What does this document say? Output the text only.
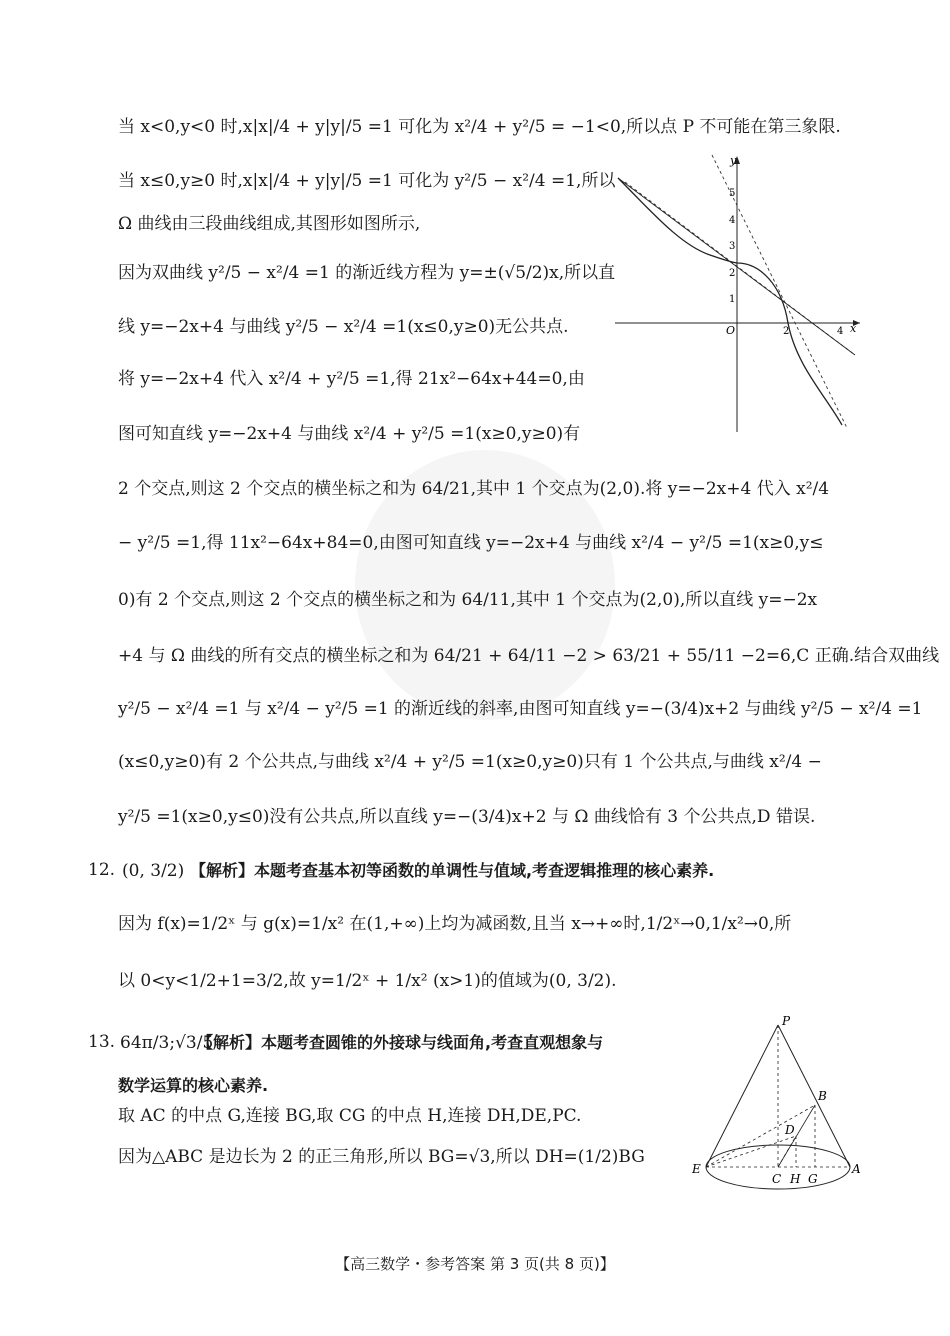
当 x<0,y<0 时,x|x|/4 + y|y|/5 =1 可化为 x²/4 + y²/5 = −1<0,所以点 P 不可能在第三象限.
当 x≤0,y≥0 时,x|x|/4 + y|y|/5 =1 可化为 y²/5 − x²/4 =1,所以
Ω 曲线由三段曲线组成,其图形如图所示,
因为双曲线 y²/5 − x²/4 =1 的渐近线方程为 y=±(√5/2)x,所以直
线 y=−2x+4 与曲线 y²/5 − x²/4 =1(x≤0,y≥0)无公共点.
将 y=−2x+4 代入 x²/4 + y²/5 =1,得 21x²−64x+44=0,由
图可知直线 y=−2x+4 与曲线 x²/4 + y²/5 =1(x≥0,y≥0)有
2 个交点,则这 2 个交点的横坐标之和为 64/21,其中 1 个交点为(2,0).将 y=−2x+4 代入 x²/4
− y²/5 =1,得 11x²−64x+84=0,由图可知直线 y=−2x+4 与曲线 x²/4 − y²/5 =1(x≥0,y≤
0)有 2 个交点,则这 2 个交点的横坐标之和为 64/11,其中 1 个交点为(2,0),所以直线 y=−2x
+4 与 Ω 曲线的所有交点的横坐标之和为 64/21 + 64/11 −2 > 63/21 + 55/11 −2=6,C 正确.结合双曲线
y²/5 − x²/4 =1 与 x²/4 − y²/5 =1 的渐近线的斜率,由图可知直线 y=−(3/4)x+2 与曲线 y²/5 − x²/4 =1
(x≤0,y≥0)有 2 个公共点,与曲线 x²/4 + y²/5 =1(x≥0,y≥0)只有 1 个公共点,与曲线 x²/4 −
y²/5 =1(x≥0,y≤0)没有公共点,所以直线 y=−(3/4)x+2 与 Ω 曲线恰有 3 个公共点,D 错误.
12. (0, 3/2) 【解析】本题考查基本初等函数的单调性与值域,考查逻辑推理的核心素养.
因为 f(x)=1/2ˣ 与 g(x)=1/x² 在(1,+∞)上均为减函数,且当 x→+∞时,1/2ˣ→0,1/x²→0,所
以 0<y<1/2+1=3/2,故 y=1/2ˣ + 1/x² (x>1)的值域为(0, 3/2).
13. 64π/3;√3/5
【解析】本题考查圆锥的外接球与线面角,考查直观想象与
数学运算的核心素养.
取 AC 的中点 G,连接 BG,取 CG 的中点 H,连接 DH,DE,PC.
因为△ABC 是边长为 2 的正三角形,所以 BG=√3,所以 DH=(1/2)BG
y
x
O
1
2
3
4
5
2	4
P
B
D
E	A
C H G
【高三数学・参考答案 第 3 页(共 8 页)】
